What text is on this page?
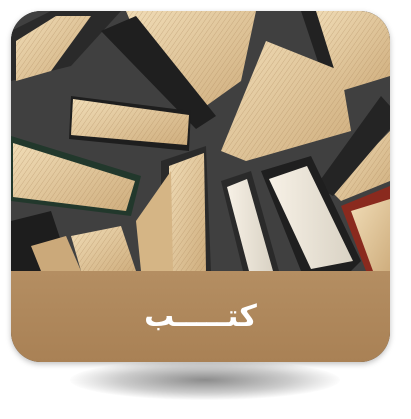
كتـــــب
